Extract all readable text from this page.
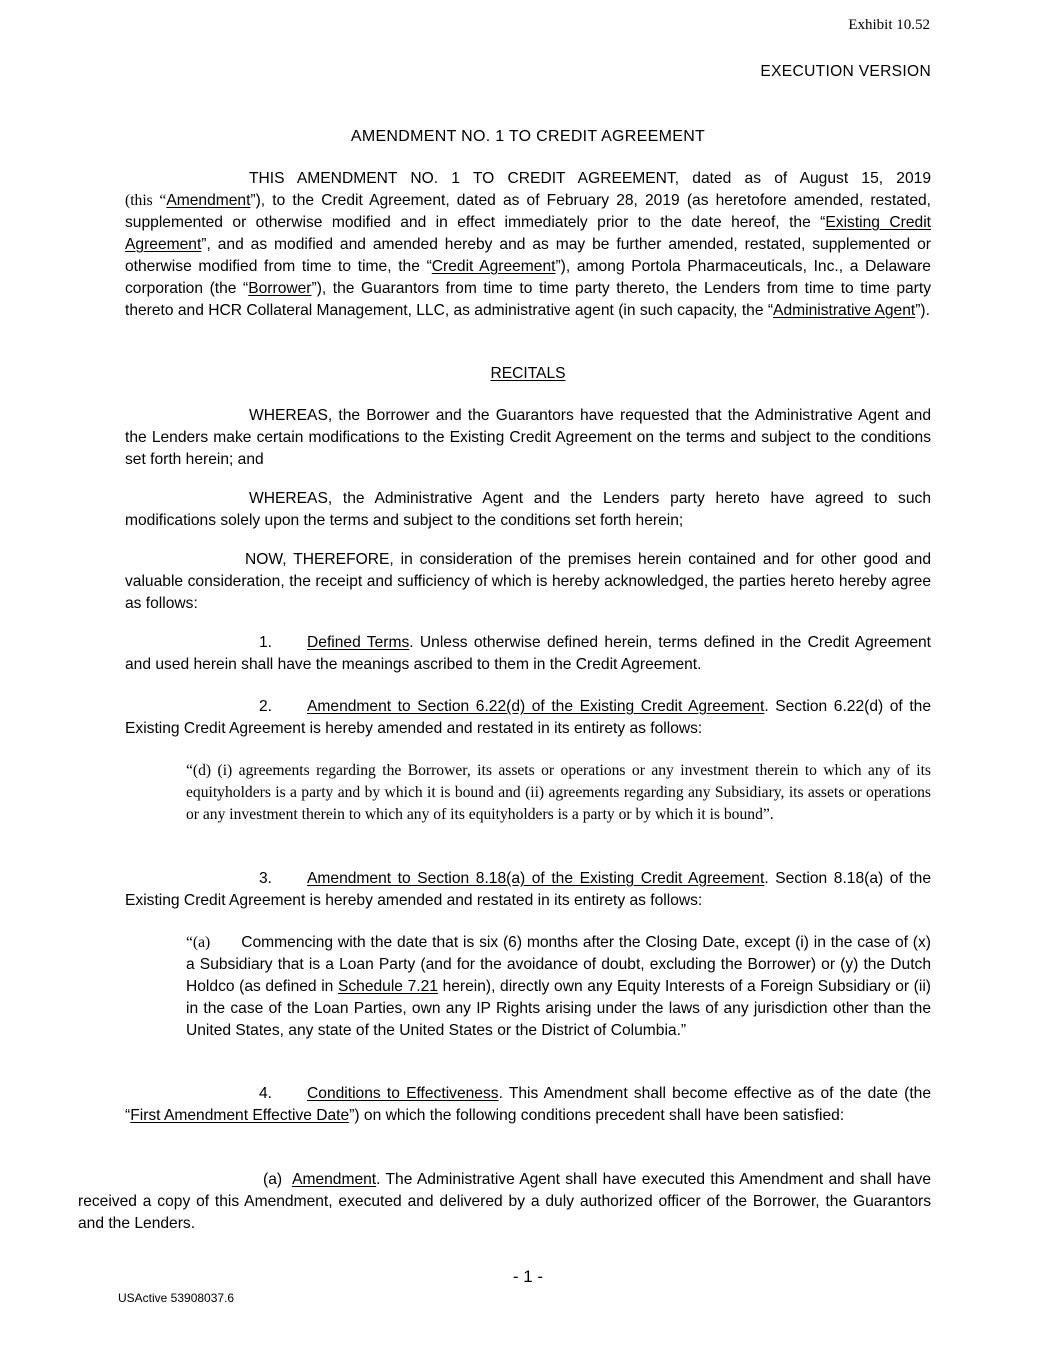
Exhibit 10.52
EXECUTION VERSION
AMENDMENT NO. 1 TO CREDIT AGREEMENT
THIS AMENDMENT NO. 1 TO CREDIT AGREEMENT, dated as of August 15, 2019
(this “Amendment”), to the Credit Agreement, dated as of February 28, 2019 (as heretofore amended, restated, supplemented or otherwise modified and in effect immediately prior to the date hereof, the “Existing Credit Agreement”, and as modified and amended hereby and as may be further amended, restated, supplemented or otherwise modified from time to time, the “Credit Agreement”), among Portola Pharmaceuticals, Inc., a Delaware corporation (the “Borrower”), the Guarantors from time to time party thereto, the Lenders from time to time party thereto and HCR Collateral Management, LLC, as administrative agent (in such capacity, the “Administrative Agent”).
RECITALS
WHEREAS, the Borrower and the Guarantors have requested that the Administrative Agent and the Lenders make certain modifications to the Existing Credit Agreement on the terms and subject to the conditions set forth herein; and
WHEREAS, the Administrative Agent and the Lenders party hereto have agreed to such modifications solely upon the terms and subject to the conditions set forth herein;
NOW, THEREFORE, in consideration of the premises herein contained and for other good and valuable consideration, the receipt and sufficiency of which is hereby acknowledged, the parties hereto hereby agree as follows:
1. Defined Terms. Unless otherwise defined herein, terms defined in the Credit Agreement and used herein shall have the meanings ascribed to them in the Credit Agreement.
2. Amendment to Section 6.22(d) of the Existing Credit Agreement. Section 6.22(d) of the Existing Credit Agreement is hereby amended and restated in its entirety as follows:
“(d) (i) agreements regarding the Borrower, its assets or operations or any investment therein to which any of its equityholders is a party and by which it is bound and (ii) agreements regarding any Subsidiary, its assets or operations or any investment therein to which any of its equityholders is a party or by which it is bound”.
3. Amendment to Section 8.18(a) of the Existing Credit Agreement. Section 8.18(a) of the Existing Credit Agreement is hereby amended and restated in its entirety as follows:
“(a) Commencing with the date that is six (6) months after the Closing Date, except (i) in the case of (x) a Subsidiary that is a Loan Party (and for the avoidance of doubt, excluding the Borrower) or (y) the Dutch Holdco (as defined in Schedule 7.21 herein), directly own any Equity Interests of a Foreign Subsidiary or (ii) in the case of the Loan Parties, own any IP Rights arising under the laws of any jurisdiction other than the United States, any state of the United States or the District of Columbia.”
4. Conditions to Effectiveness. This Amendment shall become effective as of the date (the “First Amendment Effective Date”) on which the following conditions precedent shall have been satisfied:
(a) Amendment. The Administrative Agent shall have executed this Amendment and shall have received a copy of this Amendment, executed and delivered by a duly authorized officer of the Borrower, the Guarantors and the Lenders.
- 1 -
USActive 53908037.6
